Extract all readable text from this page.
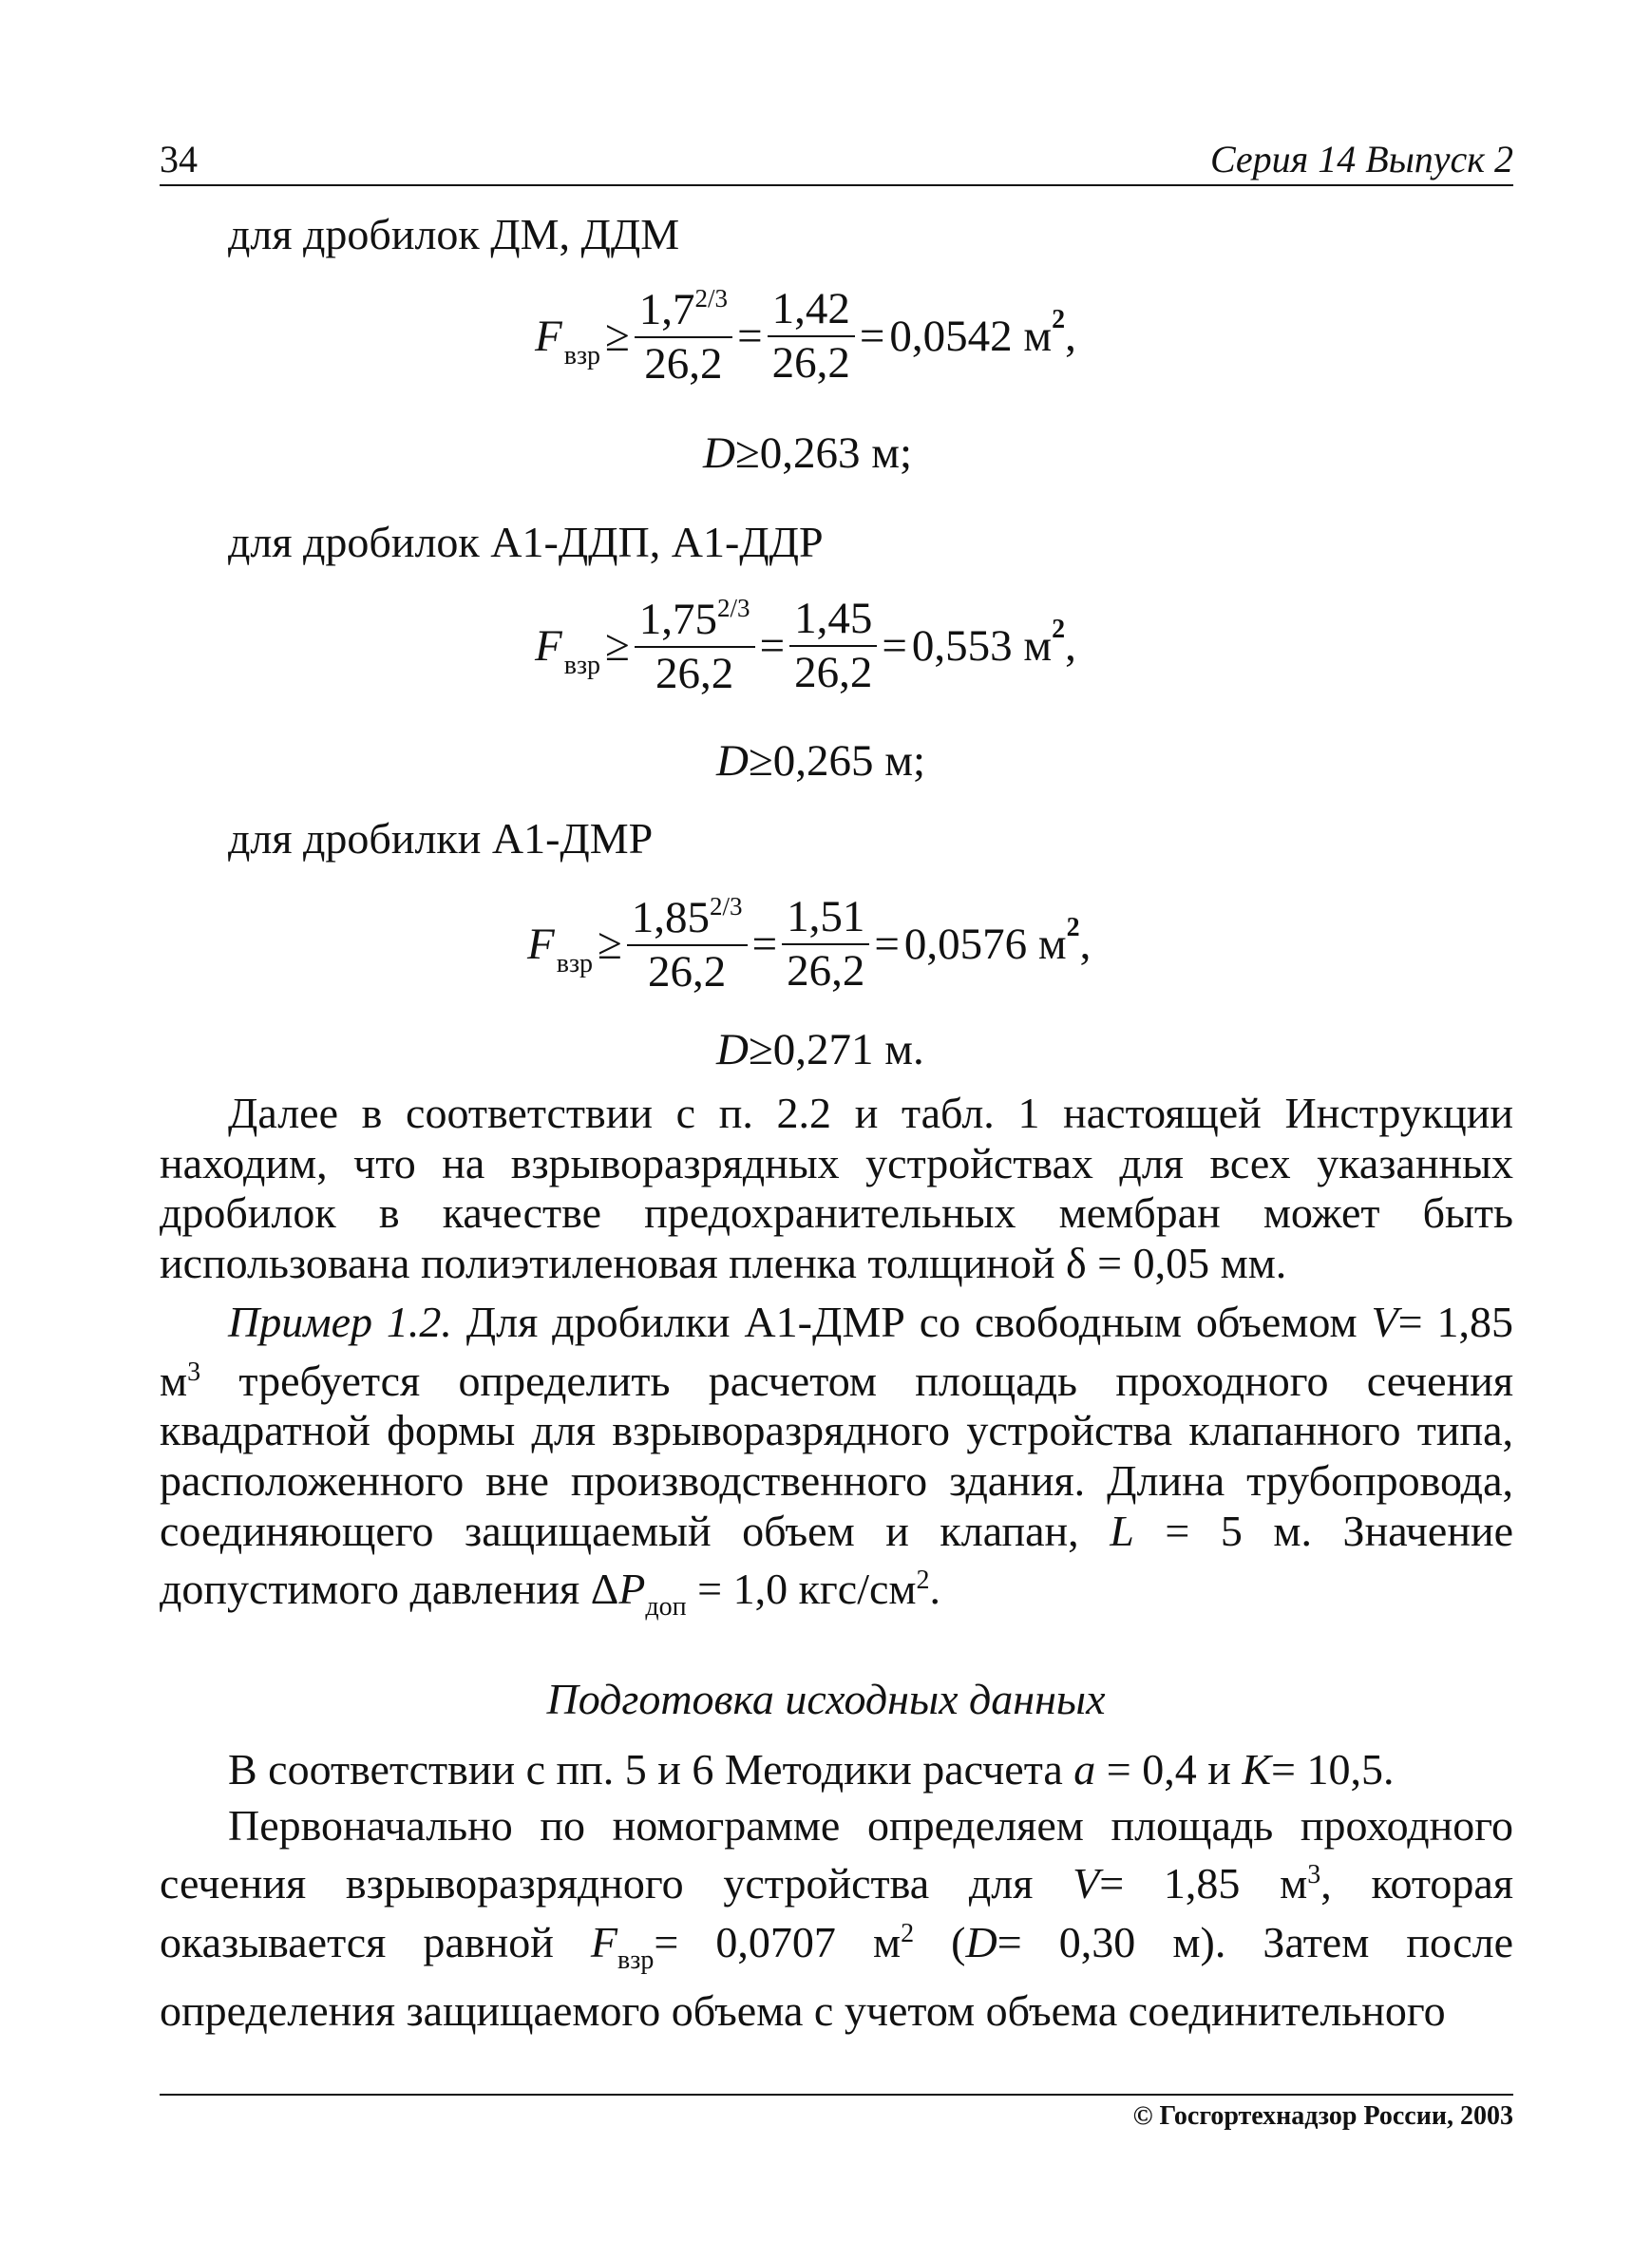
34	Серия 14 Выпуск 2
для дробилок ДМ, ДДМ
$F_{взр} \ge \frac{1,7^{2/3}}{26,2} = \frac{1,42}{26,2} = 0,0542$ $м^2$ ,
D≥0,263 м;
для дробилок А1-ДДП, А1-ДДР
$F_{взр} \ge \frac{1,75^{2/3}}{26,2} = \frac{1,45}{26,2} = 0,553$ $м^2$ ,
D≥0,265 м;
для дробилки А1-ДМР
$F_{взр} \ge \frac{1,85^{2/3}}{26,2} = \frac{1,51}{26,2} = 0,0576$ $м^2$ ,
D≥0,271 м.

Далее в соответствии с п. 2.2 и табл. 1 настоящей Инструкции находим, что на взрыворазрядных устройствах для всех указанных дробилок в качестве предохранительных мембран может быть использована полиэтиленовая пленка толщиной δ = 0,05 мм.

Пример 1.2. Для дробилки А1-ДМР со свободным объемом V= 1,85 $м^3$ требуется определить расчетом площадь проходного сечения квадратной формы для взрыворазрядного устройства клапанного типа, расположенного вне производственного здания. Длина трубопровода, соединяющего защищаемый объем и клапан, L = 5 м. Значение допустимого давления $\Delta P_{доп} = 1,0$ кгс/$см^2$.

Подготовка исходных данных

В соответствии с пп. 5 и 6 Методики расчета a = 0,4 и K= 10,5.

Первоначально по номограмме определяем площадь проходного сечения взрыворазрядного устройства для V= 1,85 $м^3$, которая оказывается равной $F_{взр}= 0,0707$ $м^2$ (D= 0,30 м). Затем после определения защищаемого объема с учетом объема соединительного

© Госгортехнадзор России, 2003
